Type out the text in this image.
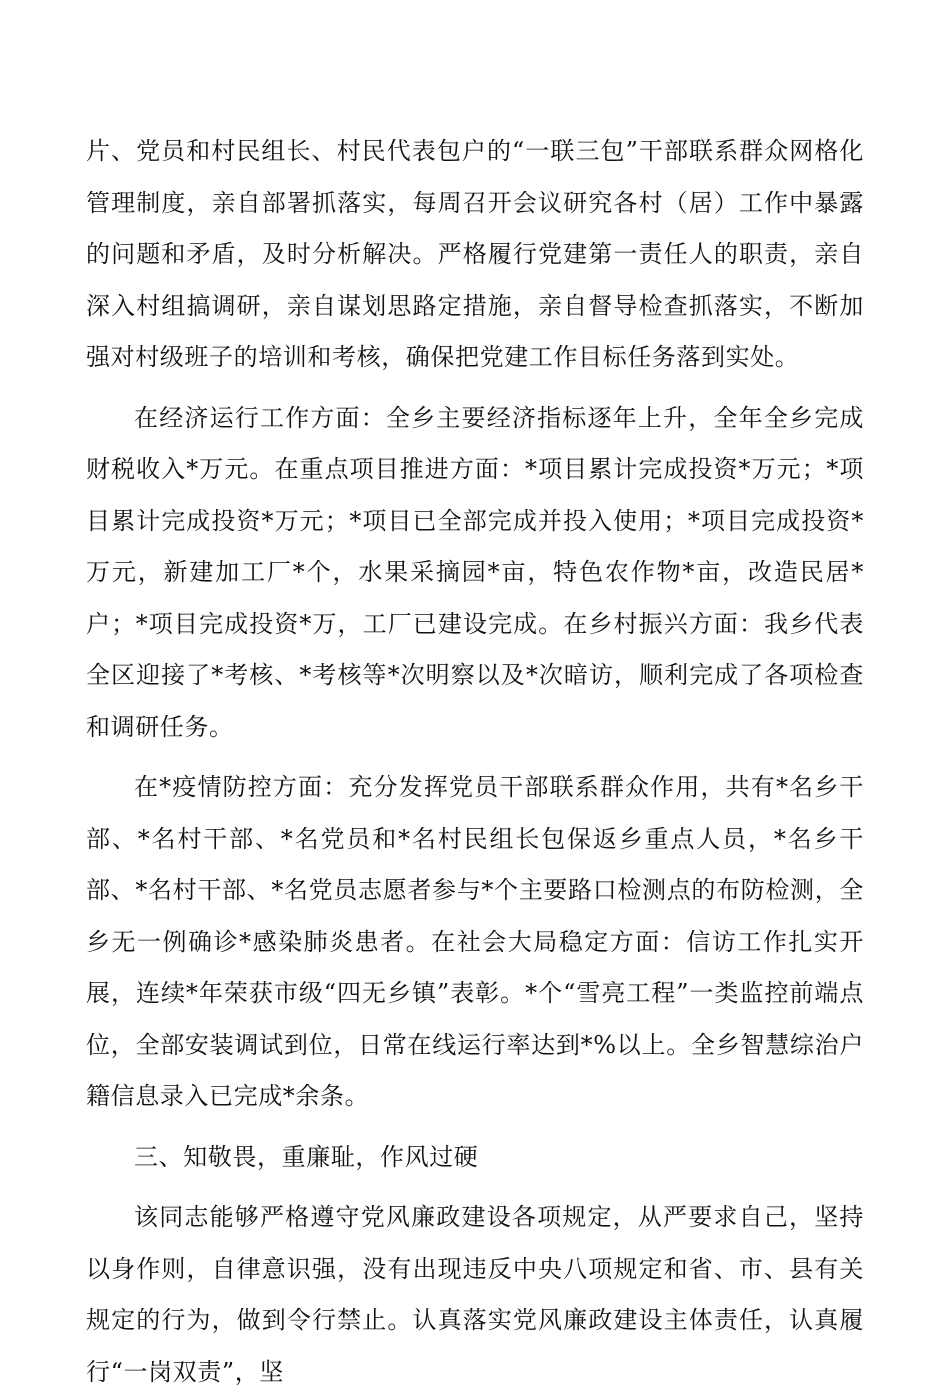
片、党员和村民组长、村民代表包户的“一联三包”干部联系群众网格化管理制度，亲自部署抓落实，每周召开会议研究各村（居）工作中暴露的问题和矛盾，及时分析解决。严格履行党建第一责任人的职责，亲自深入村组搞调研，亲自谋划思路定措施，亲自督导检查抓落实，不断加强对村级班子的培训和考核，确保把党建工作目标任务落到实处。

在经济运行工作方面：全乡主要经济指标逐年上升，全年全乡完成财税收入*万元。在重点项目推进方面：*项目累计完成投资*万元；*项目累计完成投资*万元；*项目已全部完成并投入使用；*项目完成投资*万元，新建加工厂*个，水果采摘园*亩，特色农作物*亩，改造民居*户；*项目完成投资*万，工厂已建设完成。在乡村振兴方面：我乡代表全区迎接了*考核、*考核等*次明察以及*次暗访，顺利完成了各项检查和调研任务。

在*疫情防控方面：充分发挥党员干部联系群众作用，共有*名乡干部、*名村干部、*名党员和*名村民组长包保返乡重点人员，*名乡干部、*名村干部、*名党员志愿者参与*个主要路口检测点的布防检测，全乡无一例确诊*感染肺炎患者。在社会大局稳定方面：信访工作扎实开展，连续*年荣获市级“四无乡镇”表彰。*个“雪亮工程”一类监控前端点位，全部安装调试到位，日常在线运行率达到*%以上。全乡智慧综治户籍信息录入已完成*余条。

三、知敬畏，重廉耻，作风过硬

该同志能够严格遵守党风廉政建设各项规定，从严要求自己，坚持以身作则，自律意识强，没有出现违反中央八项规定和省、市、县有关规定的行为，做到令行禁止。认真落实党风廉政建设主体责任，认真履行“一岗双责”，坚
